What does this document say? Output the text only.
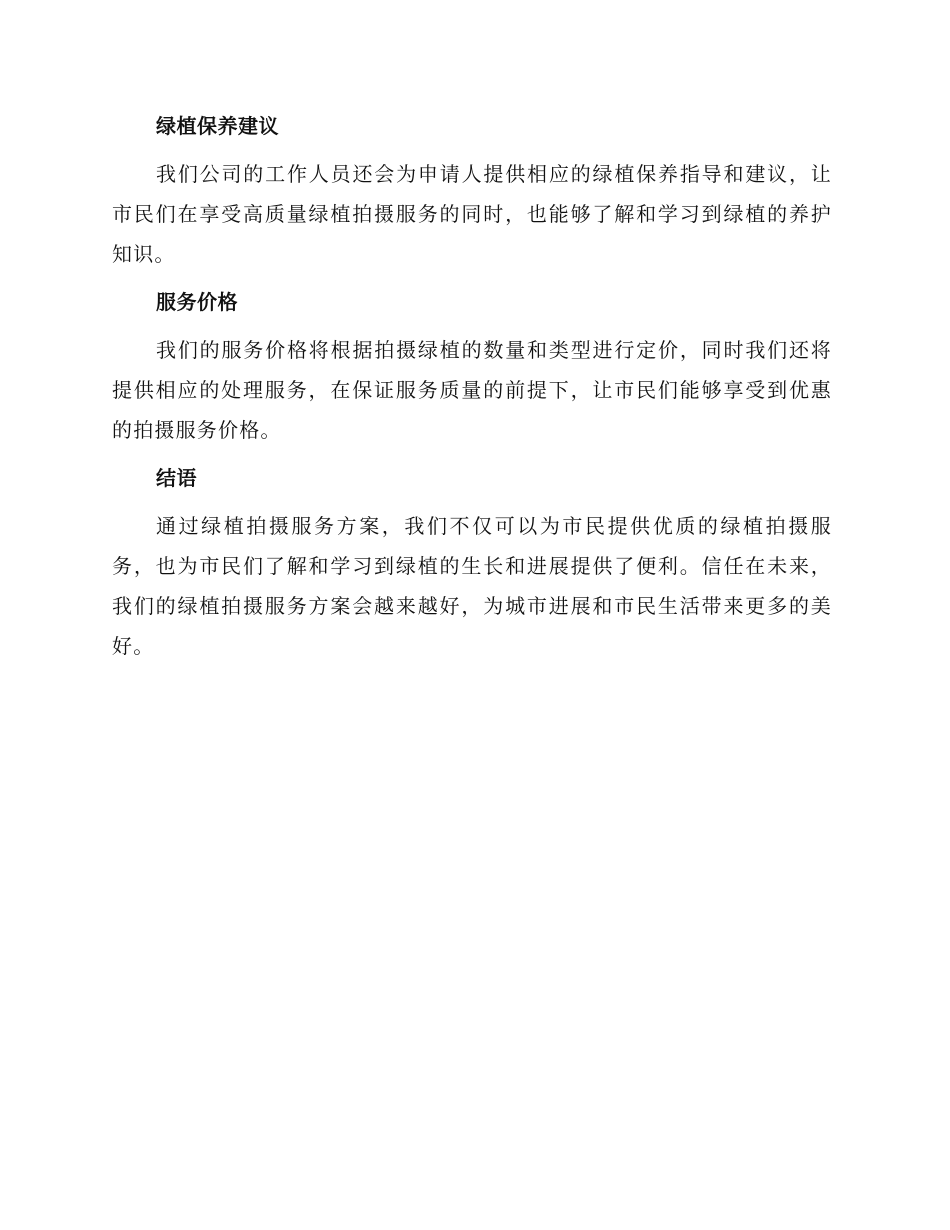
绿植保养建议

我们公司的工作人员还会为申请人提供相应的绿植保养指导和建议，让市民们在享受高质量绿植拍摄服务的同时，也能够了解和学习到绿植的养护知识。

服务价格

我们的服务价格将根据拍摄绿植的数量和类型进行定价，同时我们还将提供相应的处理服务，在保证服务质量的前提下，让市民们能够享受到优惠的拍摄服务价格。

结语

通过绿植拍摄服务方案，我们不仅可以为市民提供优质的绿植拍摄服务，也为市民们了解和学习到绿植的生长和进展提供了便利。信任在未来，我们的绿植拍摄服务方案会越来越好，为城市进展和市民生活带来更多的美好。
